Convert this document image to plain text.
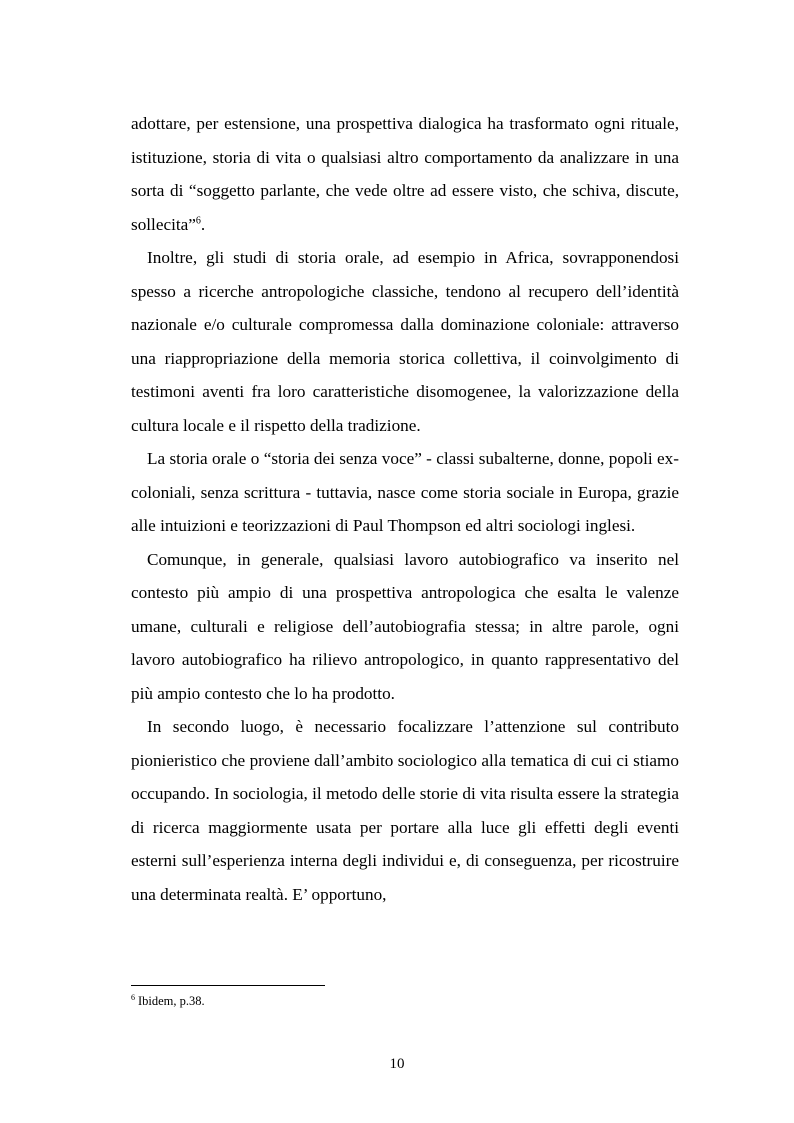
adottare, per estensione, una prospettiva dialogica ha trasformato ogni rituale, istituzione, storia di vita o qualsiasi altro comportamento da analizzare in una sorta di “soggetto parlante, che vede oltre ad essere visto, che schiva, discute, sollecita”$^6$.

Inoltre, gli studi di storia orale, ad esempio in Africa, sovrapponendosi spesso a ricerche antropologiche classiche, tendono al recupero dell’identità nazionale e/o culturale compromessa dalla dominazione coloniale: attraverso una riappropriazione della memoria storica collettiva, il coinvolgimento di testimoni aventi fra loro caratteristiche disomogenee, la valorizzazione della cultura locale e il rispetto della tradizione.

La storia orale o “storia dei senza voce” - classi subalterne, donne, popoli ex-coloniali, senza scrittura - tuttavia, nasce come storia sociale in Europa, grazie alle intuizioni e teorizzazioni di Paul Thompson ed altri sociologi inglesi.

Comunque, in generale, qualsiasi lavoro autobiografico va inserito nel contesto più ampio di una prospettiva antropologica che esalta le valenze umane, culturali e religiose dell’autobiografia stessa; in altre parole, ogni lavoro autobiografico ha rilievo antropologico, in quanto rappresentativo del più ampio contesto che lo ha prodotto.

In secondo luogo, è necessario focalizzare l’attenzione sul contributo pionieristico che proviene dall’ambito sociologico alla tematica di cui ci stiamo occupando. In sociologia, il metodo delle storie di vita risulta essere la strategia di ricerca maggiormente usata per portare alla luce gli effetti degli eventi esterni sull’esperienza interna degli individui e, di conseguenza, per ricostruire una determinata realtà. E’ opportuno,

$^6$ Ibidem, p.38.
10
